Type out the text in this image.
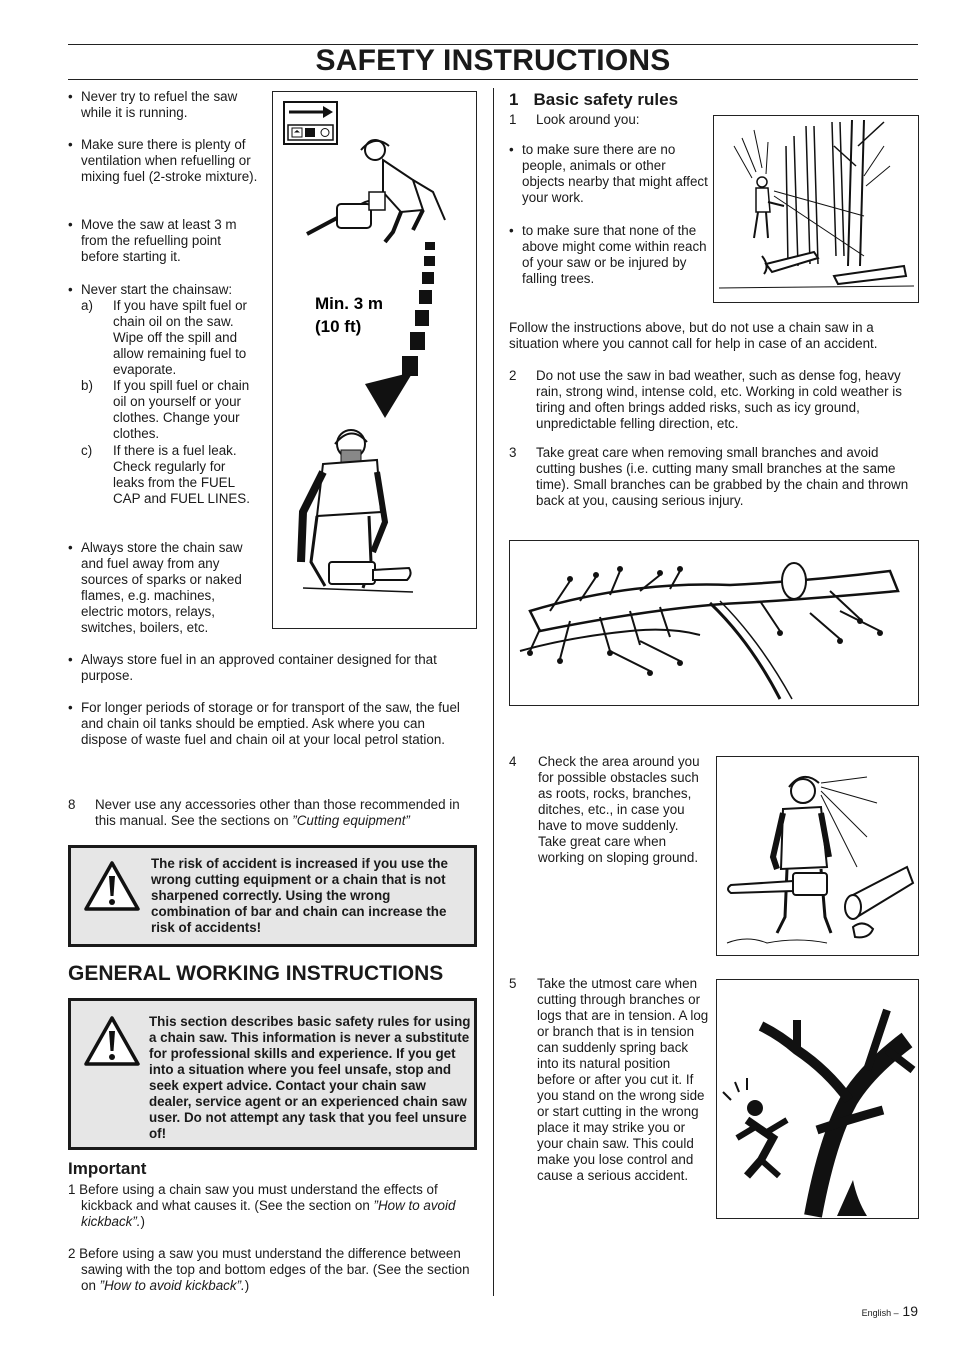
SAFETY INSTRUCTIONS
• Never try to refuel the saw while it is running.
• Make sure there is plenty of ventilation when refuelling or mixing fuel (2-stroke mixture).
• Move the saw at least 3 m from the refuelling point before starting it.
• Never start the chainsaw:
a) If you have spilt fuel or chain oil on the saw. Wipe off the spill and allow remaining fuel to evaporate.
b) If you spill fuel or chain oil on yourself or your clothes. Change your clothes.
c) If there is a fuel leak. Check regularly for leaks from the FUEL CAP and FUEL LINES.
• Always store the chain saw and fuel away from any sources of sparks or naked flames, e.g. machines, electric motors, relays, switches, boilers, etc.
Min. 3 m
(10 ft)
• Always store fuel in an approved container designed for that purpose.
• For longer periods of storage or for transport of the saw, the fuel and chain oil tanks should be emptied. Ask where you can dispose of waste fuel and chain oil at your local petrol station.
8 Never use any accessories other than those recommended in this manual. See the sections on ”Cutting equipment”
The risk of accident is increased if you use the wrong cutting equipment or a chain that is not sharpened correctly. Using the wrong combination of bar and chain can increase the risk of accidents!
GENERAL WORKING INSTRUCTIONS
This section describes basic safety rules for using a chain saw. This information is never a substitute for professional skills and experience. If you get into a situation where you feel unsafe, stop and seek expert advice. Contact your chain saw dealer, service agent or an experienced chain saw user. Do not attempt any task that you feel unsure of!
Important
1 Before using a chain saw you must understand the effects of kickback and what causes it. (See the section on ”How to avoid kickback”.)
2 Before using a saw you must understand the difference between sawing with the top and bottom edges of the bar. (See the section on ”How to avoid kickback”.)
1 Basic safety rules
1 Look around you:
• to make sure there are no people, animals or other objects nearby that might affect your work.
• to make sure that none of the above might come within reach of your saw or be injured by falling trees.
Follow the instructions above, but do not use a chain saw in a situation where you cannot call for help in case of an accident.
2 Do not use the saw in bad weather, such as dense fog, heavy rain, strong wind, intense cold, etc. Working in cold weather is tiring and often brings added risks, such as icy ground, unpredictable felling direction, etc.
3 Take great care when removing small branches and avoid cutting bushes (i.e. cutting many small branches at the same time). Small branches can be grabbed by the chain and thrown back at you, causing serious injury.
4 Check the area around you for possible obstacles such as roots, rocks, branches, ditches, etc., in case you have to move suddenly. Take great care when working on sloping ground.
5 Take the utmost care when cutting through branches or logs that are in tension. A log or branch that is in tension can suddenly spring back into its natural position before or after you cut it. If you stand on the wrong side or start cutting in the wrong place it may strike you or your chain saw. This could make you lose control and cause a serious accident.
English – 19
